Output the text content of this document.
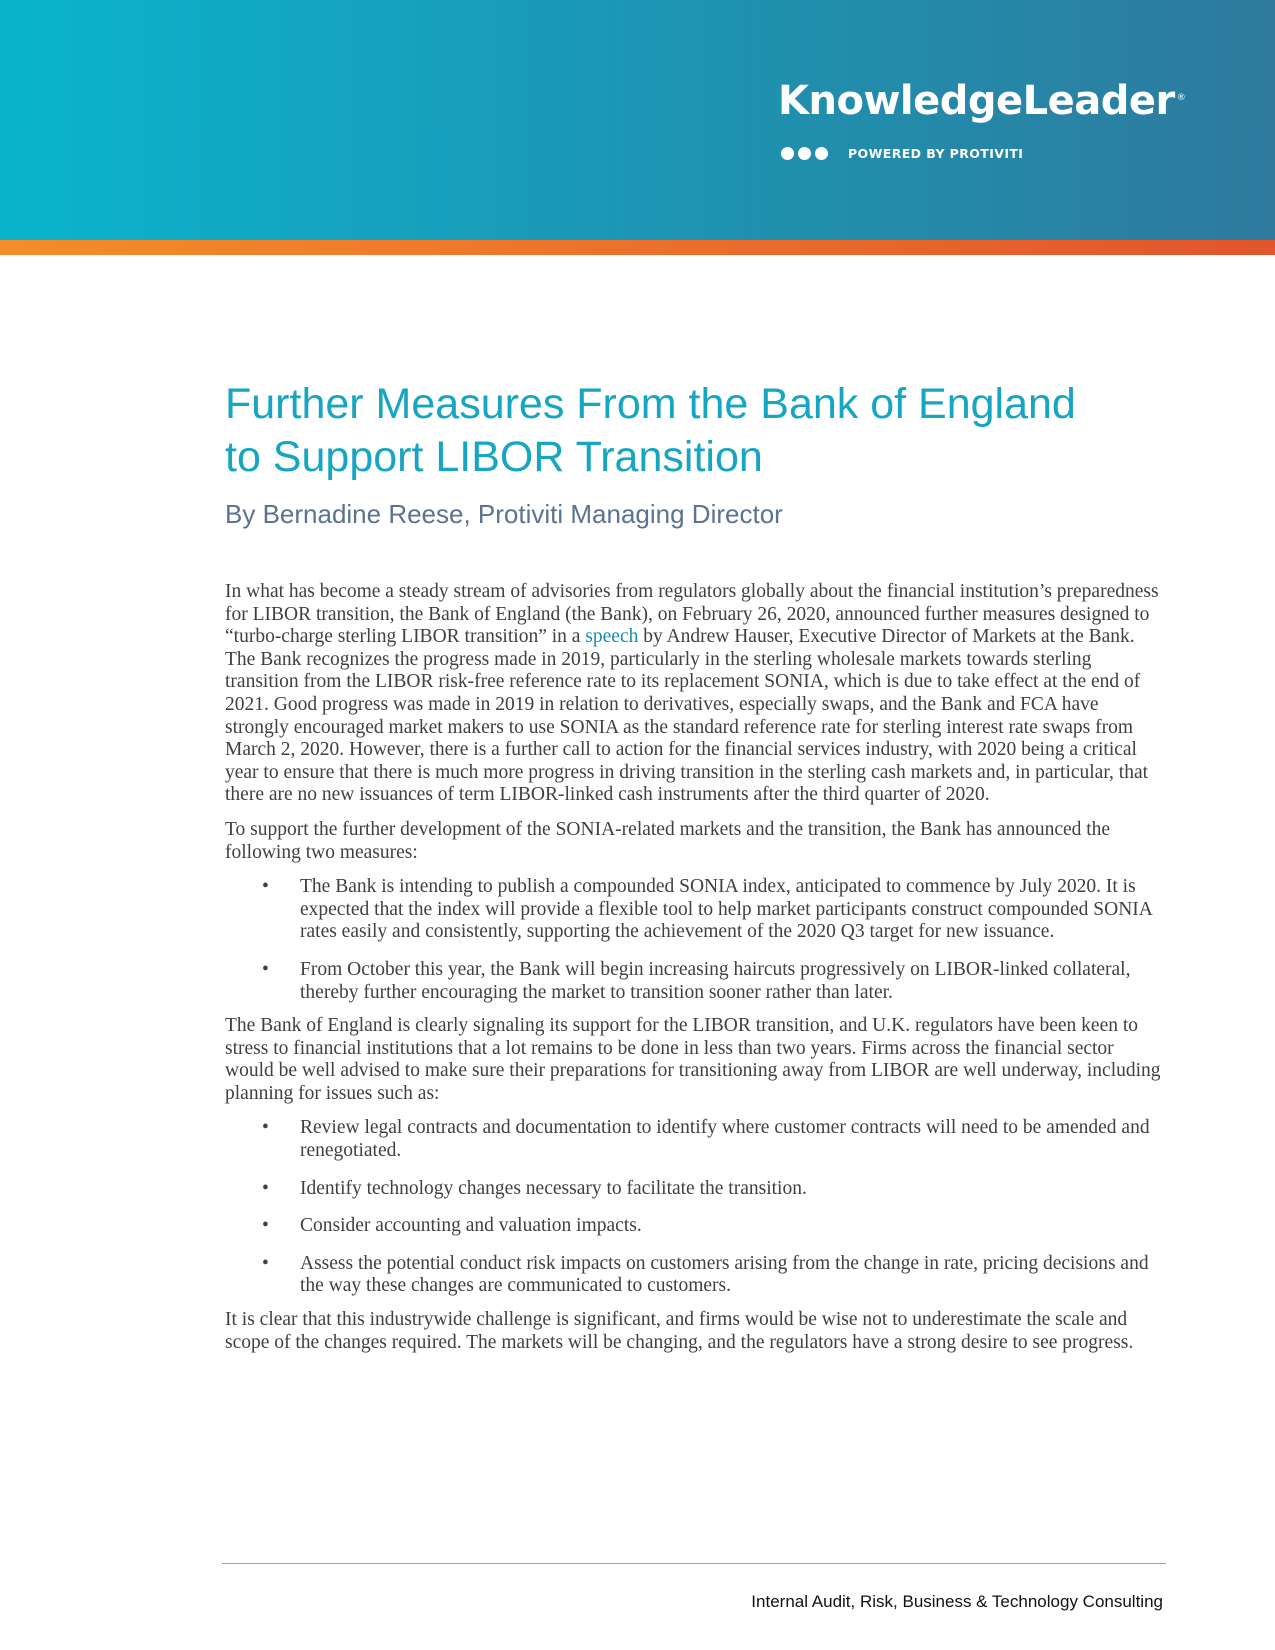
KnowledgeLeader ®
POWERED BY PROTIVITI
Further Measures From the Bank of England
to Support LIBOR Transition

By Bernadine Reese, Protiviti Managing Director

In what has become a steady stream of advisories from regulators globally about the financial institution’s preparedness for LIBOR transition, the Bank of England (the Bank), on February 26, 2020, announced further measures designed to “turbo-charge sterling LIBOR transition” in a speech by Andrew Hauser, Executive Director of Markets at the Bank. The Bank recognizes the progress made in 2019, particularly in the sterling wholesale markets towards sterling transition from the LIBOR risk-free reference rate to its replacement SONIA, which is due to take effect at the end of 2021. Good progress was made in 2019 in relation to derivatives, especially swaps, and the Bank and FCA have strongly encouraged market makers to use SONIA as the standard reference rate for sterling interest rate swaps from March 2, 2020. However, there is a further call to action for the financial services industry, with 2020 being a critical year to ensure that there is much more progress in driving transition in the sterling cash markets and, in particular, that there are no new issuances of term LIBOR-linked cash instruments after the third quarter of 2020.

To support the further development of the SONIA-related markets and the transition, the Bank has announced the following two measures:

• The Bank is intending to publish a compounded SONIA index, anticipated to commence by July 2020. It is expected that the index will provide a flexible tool to help market participants construct compounded SONIA rates easily and consistently, supporting the achievement of the 2020 Q3 target for new issuance.
• From October this year, the Bank will begin increasing haircuts progressively on LIBOR-linked collateral, thereby further encouraging the market to transition sooner rather than later.

The Bank of England is clearly signaling its support for the LIBOR transition, and U.K. regulators have been keen to stress to financial institutions that a lot remains to be done in less than two years. Firms across the financial sector would be well advised to make sure their preparations for transitioning away from LIBOR are well underway, including planning for issues such as:

• Review legal contracts and documentation to identify where customer contracts will need to be amended and renegotiated.
• Identify technology changes necessary to facilitate the transition.
• Consider accounting and valuation impacts.
• Assess the potential conduct risk impacts on customers arising from the change in rate, pricing decisions and the way these changes are communicated to customers.

It is clear that this industrywide challenge is significant, and firms would be wise not to underestimate the scale and scope of the changes required. The markets will be changing, and the regulators have a strong desire to see progress.

Internal Audit, Risk, Business & Technology Consulting
